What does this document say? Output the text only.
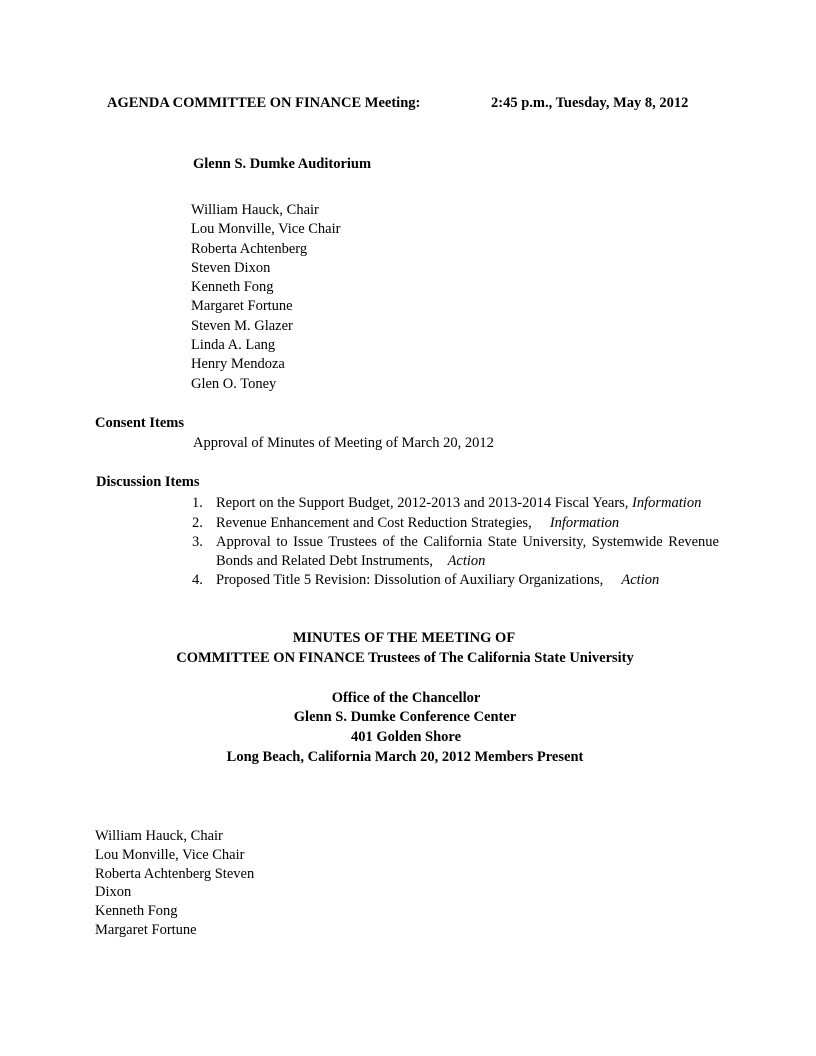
AGENDA COMMITTEE ON FINANCE Meeting:	2:45 p.m., Tuesday, May 8, 2012
Glenn S. Dumke Auditorium
William Hauck, Chair
Lou Monville, Vice Chair
Roberta Achtenberg
Steven Dixon
Kenneth Fong
Margaret Fortune
Steven M. Glazer
Linda A. Lang
Henry Mendoza
Glen O. Toney
Consent Items
Approval of Minutes of Meeting of March 20, 2012
Discussion Items
1. Report on the Support Budget, 2012-2013 and 2013-2014 Fiscal Years, Information
2. Revenue Enhancement and Cost Reduction Strategies, Information
3. Approval to Issue Trustees of the California State University, Systemwide Revenue Bonds and Related Debt Instruments, Action
4. Proposed Title 5 Revision: Dissolution of Auxiliary Organizations, Action
MINUTES OF THE MEETING OF
COMMITTEE ON FINANCE Trustees of The California State University
Office of the Chancellor
Glenn S. Dumke Conference Center
401 Golden Shore
Long Beach, California March 20, 2012 Members Present
William Hauck, Chair
Lou Monville, Vice Chair
Roberta Achtenberg Steven
Dixon
Kenneth Fong
Margaret Fortune
